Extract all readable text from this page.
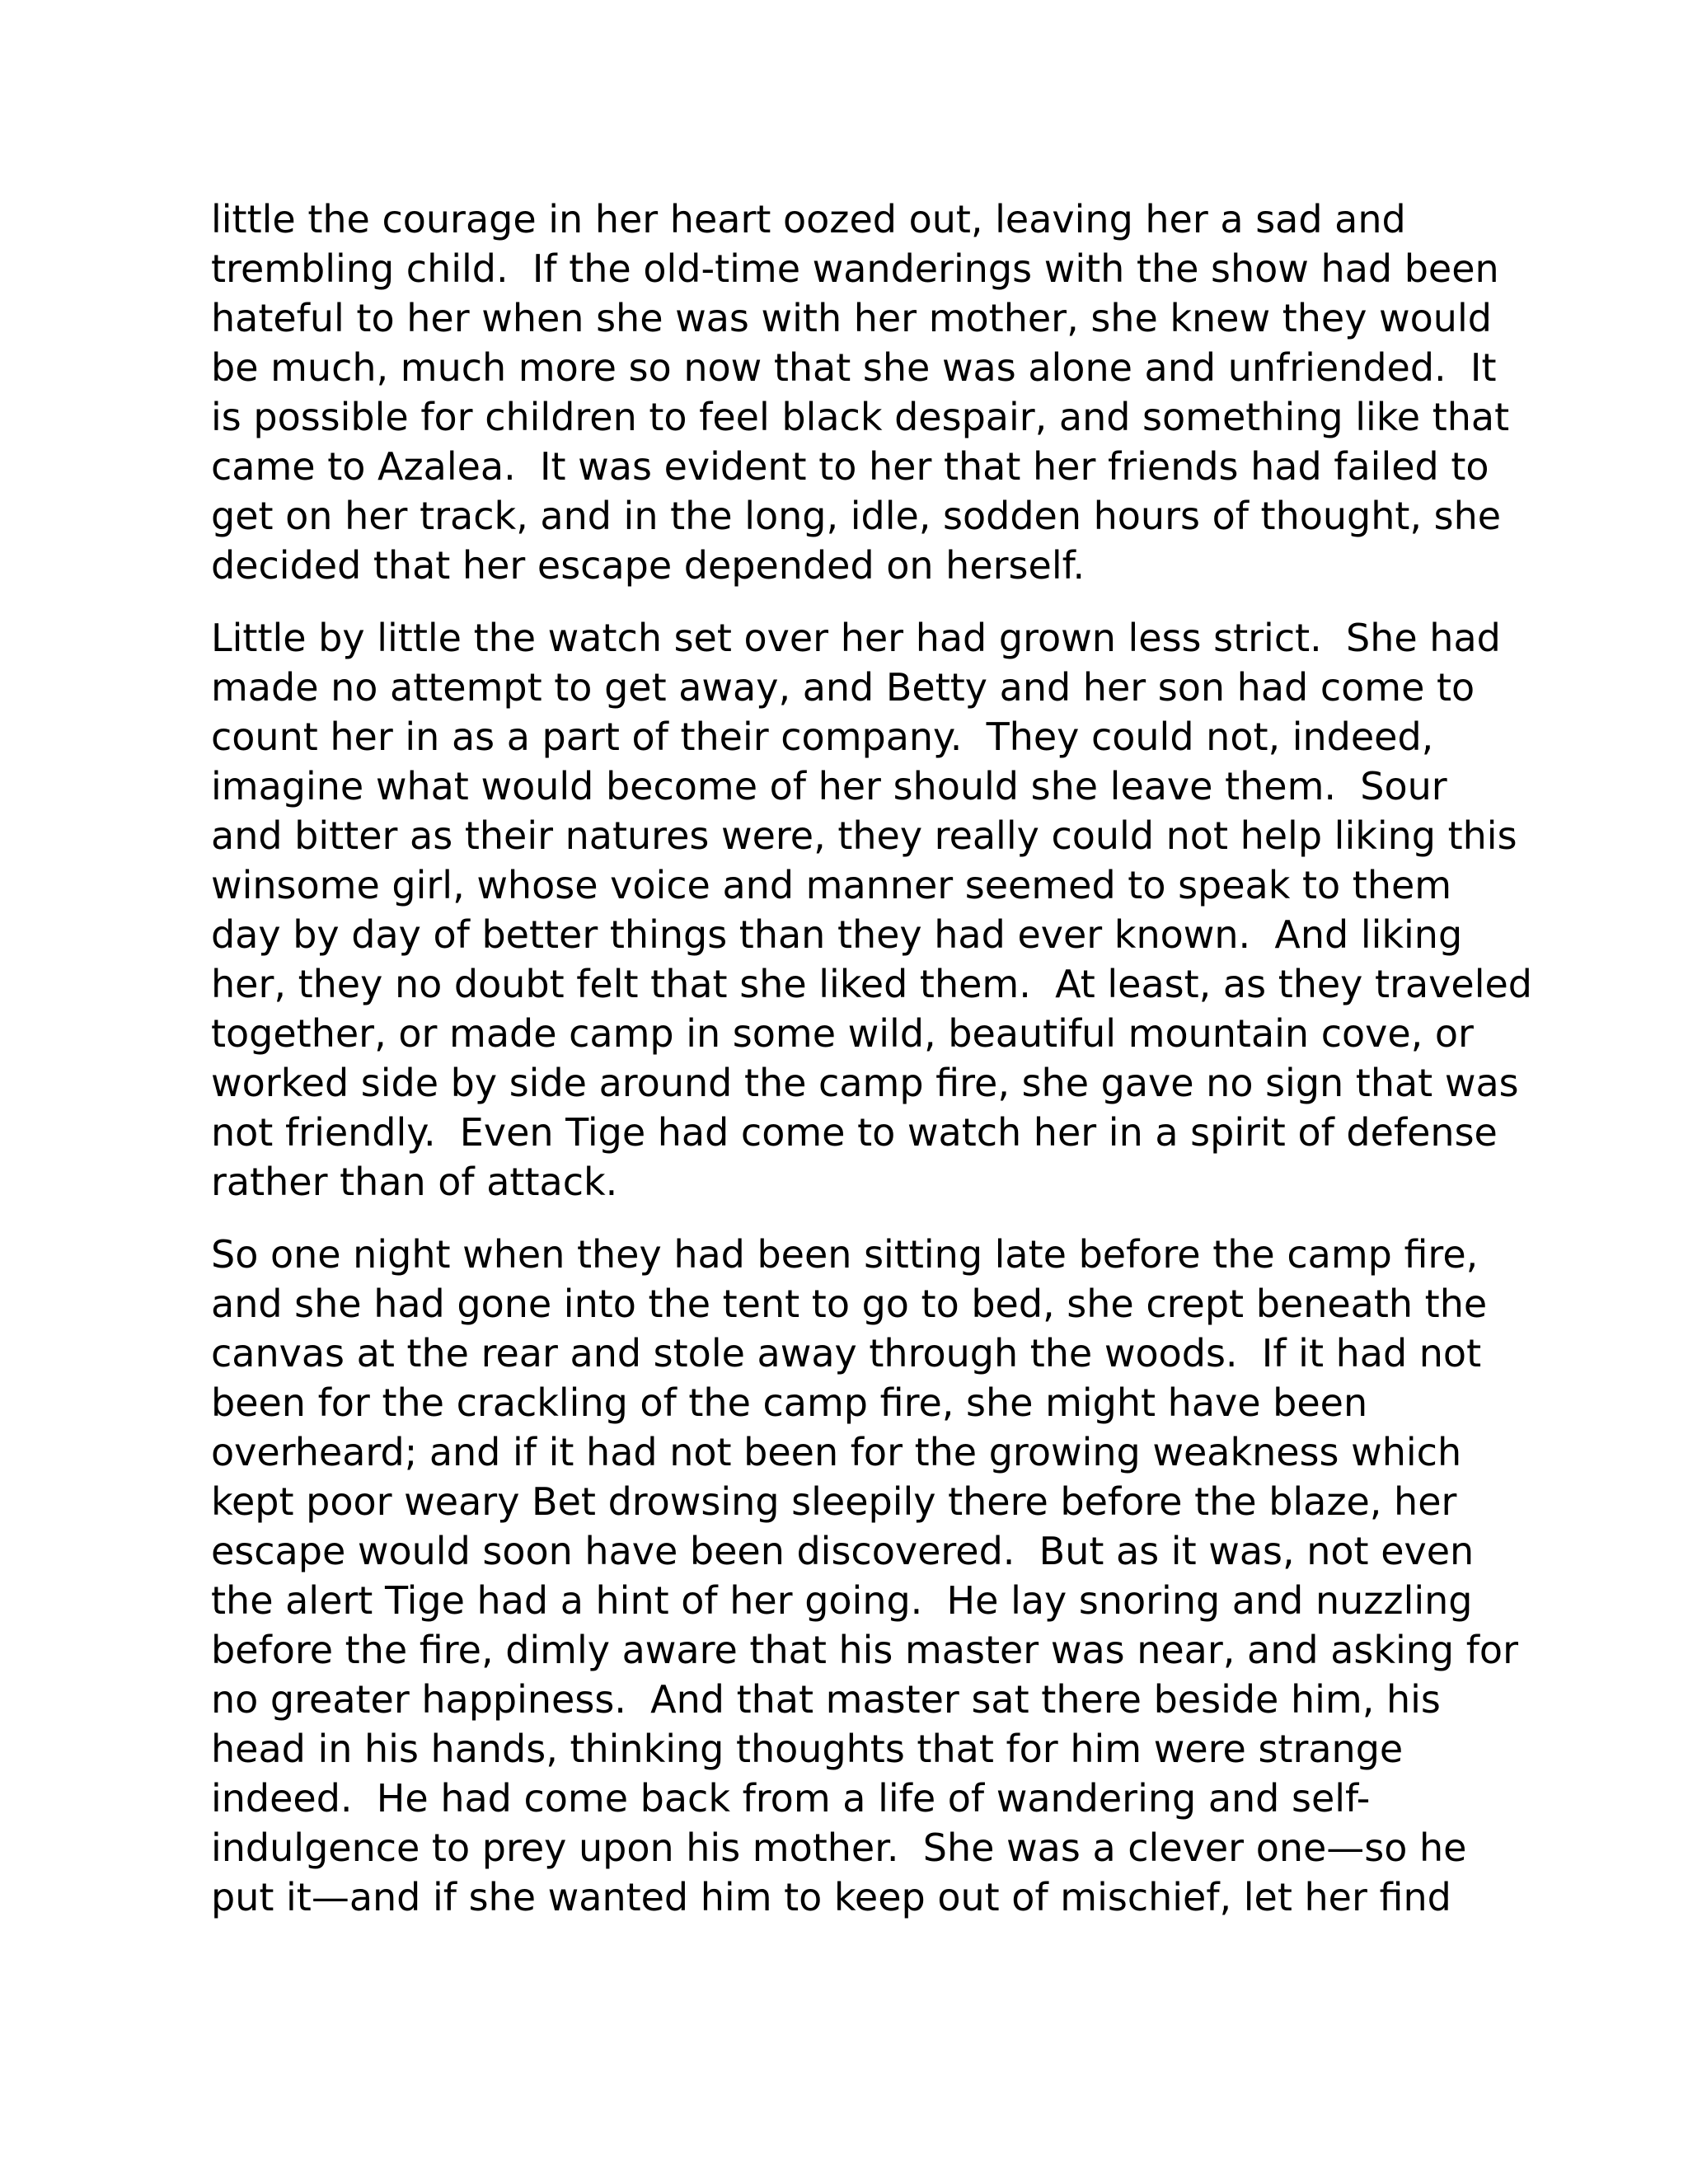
little the courage in her heart oozed out, leaving her a sad and
trembling child.  If the old-time wanderings with the show had been
hateful to her when she was with her mother, she knew they would
be much, much more so now that she was alone and unfriended.  It
is possible for children to feel black despair, and something like that
came to Azalea.  It was evident to her that her friends had failed to
get on her track, and in the long, idle, sodden hours of thought, she
decided that her escape depended on herself.

Little by little the watch set over her had grown less strict.  She had
made no attempt to get away, and Betty and her son had come to
count her in as a part of their company.  They could not, indeed,
imagine what would become of her should she leave them.  Sour
and bitter as their natures were, they really could not help liking this
winsome girl, whose voice and manner seemed to speak to them
day by day of better things than they had ever known.  And liking
her, they no doubt felt that she liked them.  At least, as they traveled
together, or made camp in some wild, beautiful mountain cove, or
worked side by side around the camp fire, she gave no sign that was
not friendly.  Even Tige had come to watch her in a spirit of defense
rather than of attack.

So one night when they had been sitting late before the camp fire,
and she had gone into the tent to go to bed, she crept beneath the
canvas at the rear and stole away through the woods.  If it had not
been for the crackling of the camp fire, she might have been
overheard; and if it had not been for the growing weakness which
kept poor weary Bet drowsing sleepily there before the blaze, her
escape would soon have been discovered.  But as it was, not even
the alert Tige had a hint of her going.  He lay snoring and nuzzling
before the fire, dimly aware that his master was near, and asking for
no greater happiness.  And that master sat there beside him, his
head in his hands, thinking thoughts that for him were strange
indeed.  He had come back from a life of wandering and self-
indulgence to prey upon his mother.  She was a clever one—so he
put it—and if she wanted him to keep out of mischief, let her find
